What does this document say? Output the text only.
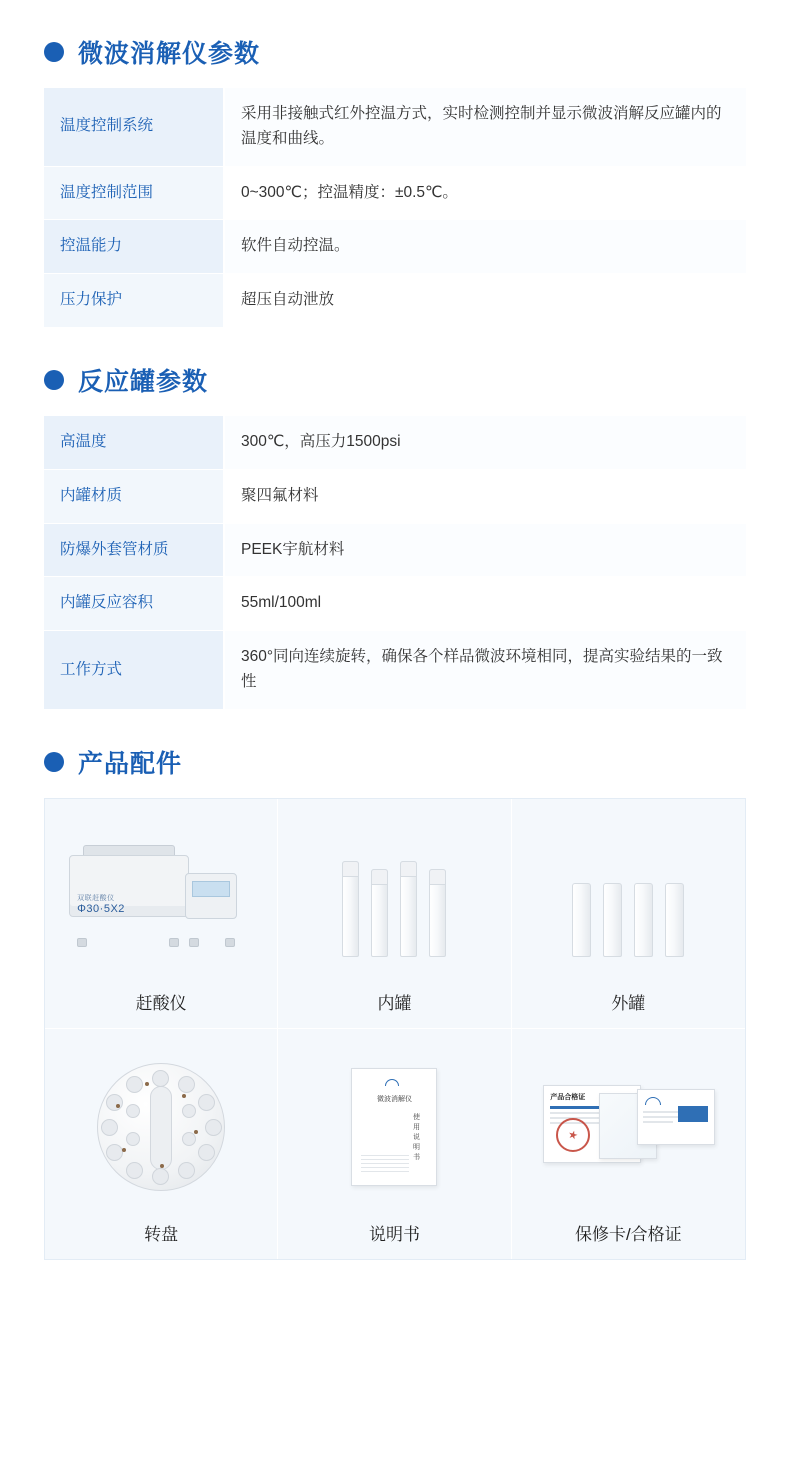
微波消解仪参数
温度控制系统	采用非接触式红外控温方式，实时检测控制并显示微波消解反应罐内的温度和曲线。
温度控制范围	0~300℃；控温精度：±0.5℃。
控温能力	软件自动控温。
压力保护	超压自动泄放
反应罐参数
高温度	300℃，高压力1500psi
内罐材质	聚四氟材料
防爆外套管材质	PEEK宇航材料
内罐反应容积	55ml/100ml
工作方式	360°同向连续旋转，确保各个样品微波环境相同，提高实验结果的一致性
产品配件
双联赶酸仪
Φ30·5X2
赶酸仪	内罐	外罐
转盘

微波消解仪
使用说明书
说明书
产品合格证
保修卡/合格证
